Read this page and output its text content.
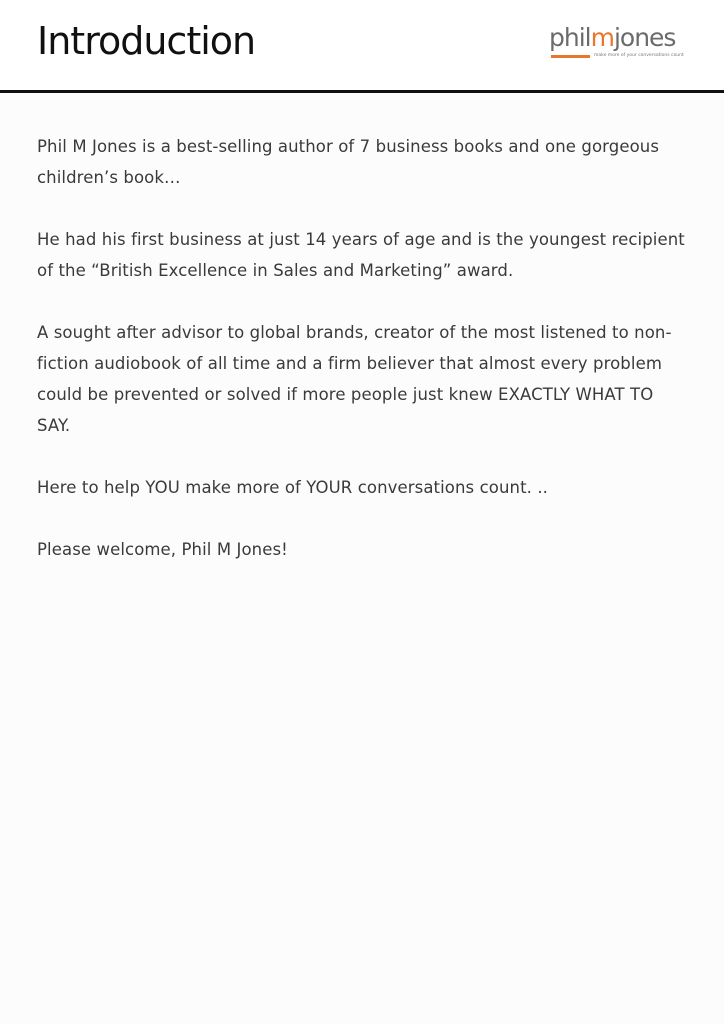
Introduction	philmjones
make more of your conversations count

Phil M Jones is a best-selling author of 7 business books and one gorgeous children’s book…

He had his first business at just 14 years of age and is the youngest recipient of the “British Excellence in Sales and Marketing” award.

A sought after advisor to global brands, creator of the most listened to non-fiction audiobook of all time and a firm believer that almost every problem could be prevented or solved if more people just knew EXACTLY WHAT TO SAY.

Here to help YOU make more of YOUR conversations count. ..

Please welcome, Phil M Jones!
